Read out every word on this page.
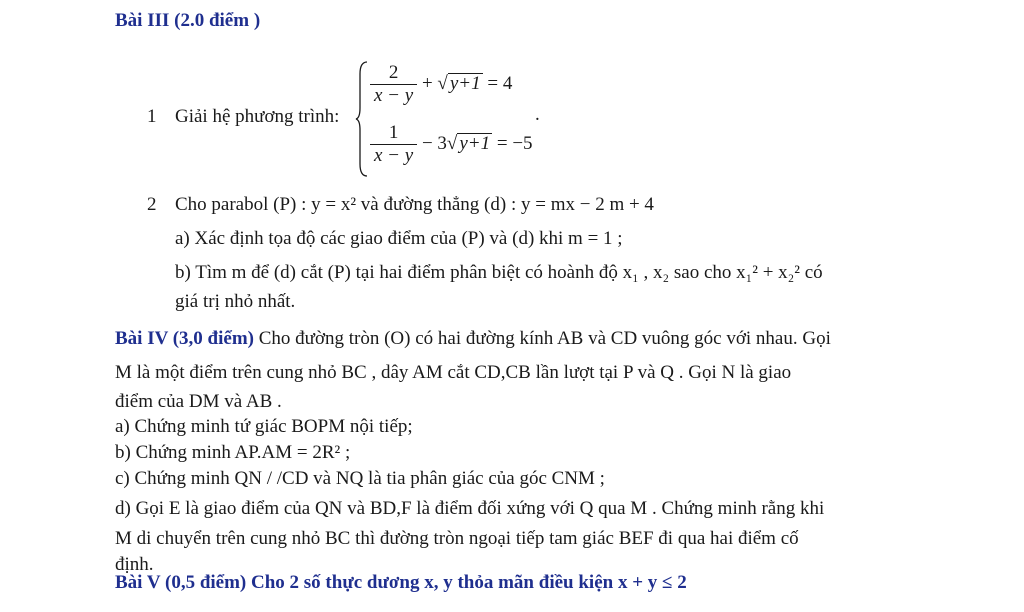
Bài III (2.0 điểm )
1 Giải hệ phương trình:
$\frac{2}{x - y}$ + √ y+1 = 4
$\frac{1}{x - y} - 3√$ y+1 = −5
.
2 Cho parabol (P) : y = x² và đường thẳng (d) : y = mx − 2 m + 4
a) Xác định tọa độ các giao điểm của (P) và (d) khi m = 1 ;
b) Tìm m để (d) cắt (P) tại hai điểm phân biệt có hoành độ x₁ , x₂ sao cho x₁² + x₂² có
giá trị nhỏ nhất.
Bài IV (3,0 điểm) Cho đường tròn (O) có hai đường kính AB và CD vuông góc với nhau. Gọi
M là một điểm trên cung nhỏ BC , dây AM cắt CD,CB lần lượt tại P và Q . Gọi N là giao
điểm của DM và AB .
a) Chứng minh tứ giác BOPM nội tiếp;
b) Chứng minh AP.AM = 2R² ;
c) Chứng minh QN / /CD và NQ là tia phân giác của góc CNM ;
d) Gọi E là giao điểm của QN và BD,F là điểm đối xứng với Q qua M . Chứng minh rằng khi
M di chuyển trên cung nhỏ BC thì đường tròn ngoại tiếp tam giác BEF đi qua hai điểm cố
định.
Bài V (0,5 điểm) Cho 2 số thực dương x, y thỏa mãn điều kiện x + y ≤ 2
